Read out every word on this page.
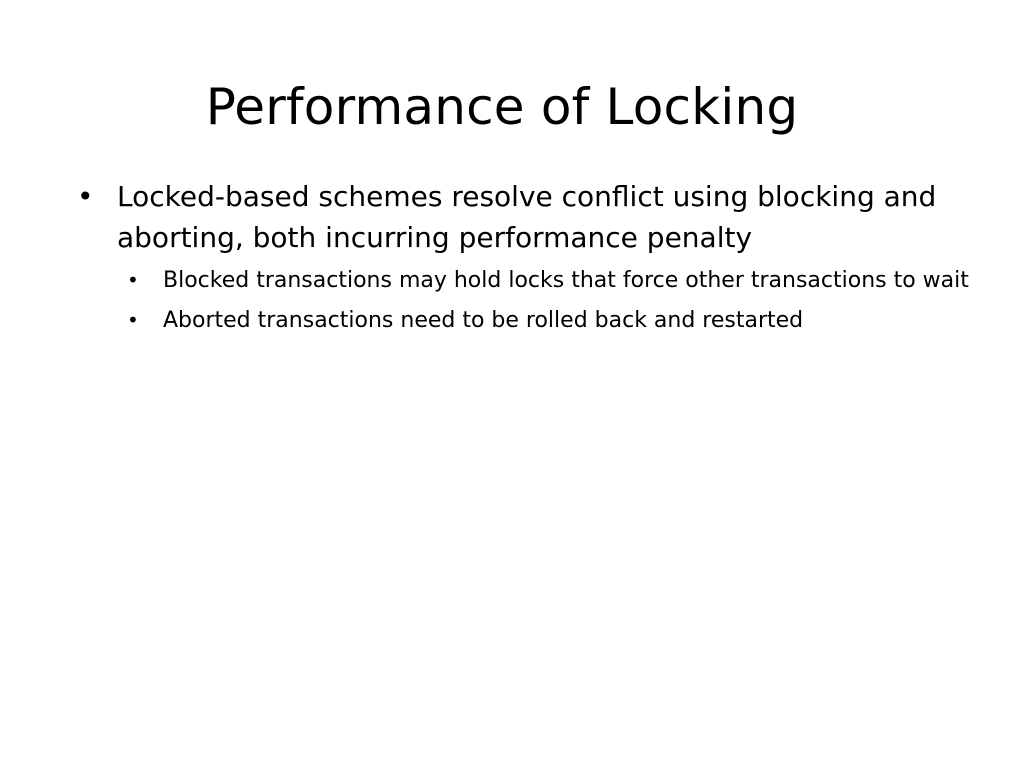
Performance of Locking
• Locked-based schemes resolve conflict using blocking and aborting, both incurring performance penalty
• Blocked transactions may hold locks that force other transactions to wait
• Aborted transactions need to be rolled back and restarted
